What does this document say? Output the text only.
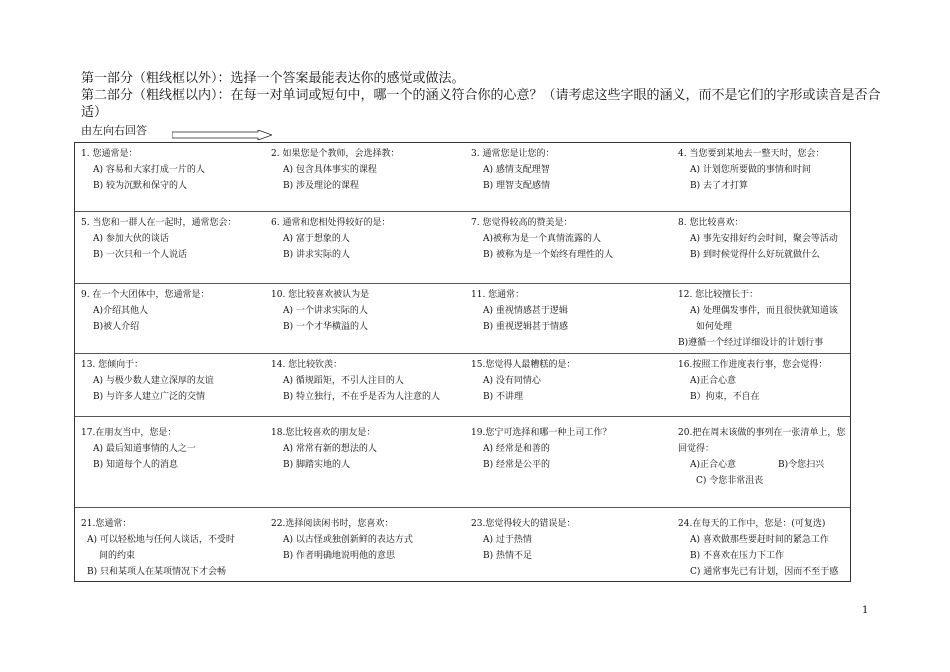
第一部分（粗线框以外）：选择一个答案最能表达你的感觉或做法。

第二部分（粗线框以内）：在每一对单词或短句中，哪一个的涵义符合你的心意？（请考虑这些字眼的涵义，而不是它们的字形或读音是否合适）

由左向右回答
1. 您通常是：
A) 容易和大家打成一片的人
B) 较为沉默和保守的人
2. 如果您是个教师，会选择教：
A) 包含具体事实的课程
B) 涉及理论的课程
3. 通常您是让您的：
A) 感情支配理智
B) 理智支配感情
4. 当您要到某地去一整天时，您会：
A) 计划您所要做的事情和时间
B) 去了才打算
5. 当您和一群人在一起时，通常您会：
A) 参加大伙的谈话
B) 一次只和一个人说话
6. 通常和您相处得较好的是：
A) 富于想象的人
B) 讲求实际的人
7. 您觉得较高的赞美是：
A)被称为是一个真情流露的人
B) 被称为是一个始终有理性的人
8. 您比较喜欢：
A) 事先安排好约会时间，聚会等活动
B) 到时候觉得什么好玩就做什么
9. 在一个大团体中，您通常是：
A)介绍其他人
B)被人介绍
10. 您比较喜欢被认为是
A) 一个讲求实际的人
B) 一个才华横溢的人
11. 您通常：
A) 重视情感甚于逻辑
B) 重视逻辑甚于情感
12. 您比较擅长于：
A) 处理偶发事件，而且很快就知道该
如何处理
B)遵循一个经过详细设计的计划行事
13. 您倾向于：
A) 与极少数人建立深厚的友谊
B) 与许多人建立广泛的交情
14. 您比较钦羡：
A) 循规蹈矩，不引人注目的人
B) 特立独行，不在乎是否为人注意的人
15.您觉得人最糟糕的是：
A) 没有同情心
B) 不讲理
16.按照工作进度表行事，您会觉得：
A)正合心意
B）拘束，不自在
17.在朋友当中，您是：
A) 最后知道事情的人之一
B) 知道每个人的消息
18.您比较喜欢的朋友是：
A) 常常有新的想法的人
B) 脚踏实地的人
19.您宁可选择和哪一种上司工作？
A) 经常是和善的
B) 经常是公平的
20.把在周末该做的事列在一张清单上，您回觉得：
A)正合心意	B)令您扫兴
C) 令您非常沮丧
21.您通常：
A) 可以轻松地与任何人谈话，不受时
间的约束
B) 只和某项人在某项情况下才会畅
22.选择阅读闲书时，您喜欢：
A) 以古怪或独创新鲜的表达方式
B) 作者明确地说明他的意思
23.您觉得较大的错误是：
A) 过于热情
B) 热情不足
24.在每天的工作中，您是：(可复选)
A) 喜欢做那些要赶时间的紧急工作
B) 不喜欢在压力下工作
C) 通常事先已有计划，因而不至于感
1
